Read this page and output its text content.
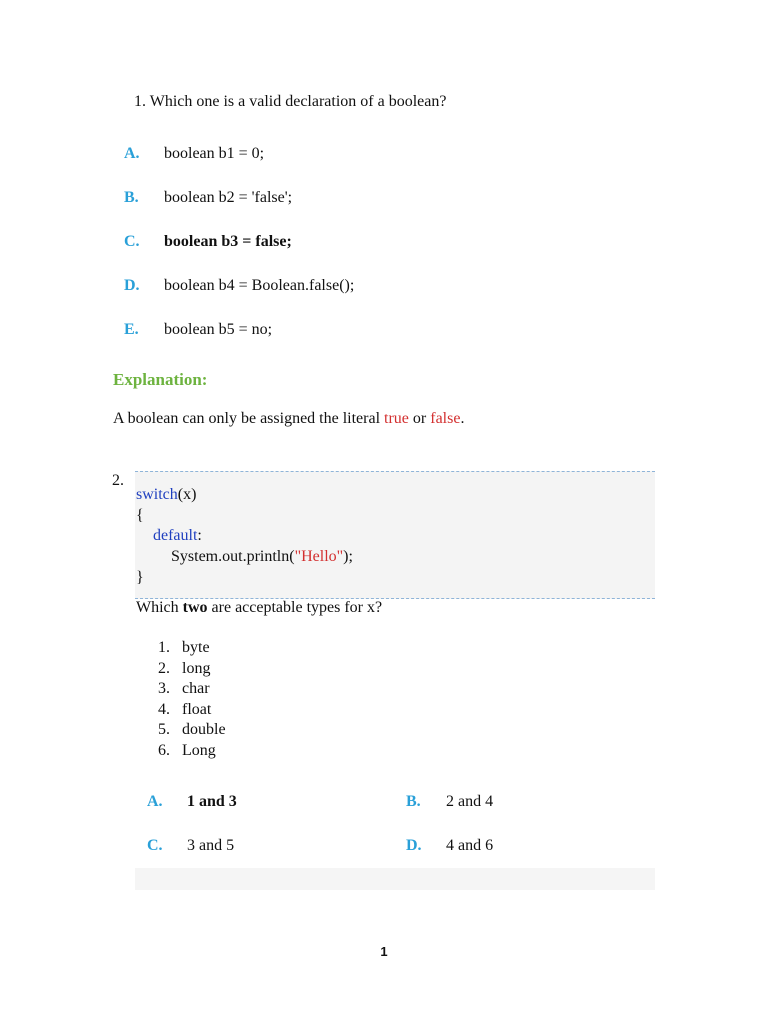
1. Which one is a valid declaration of a boolean?
A.	boolean b1 = 0;
B.	boolean b2 = 'false';
C.	boolean b3 = false;
D.	boolean b4 = Boolean.false();
E.	boolean b5 = no;
Explanation:
A boolean can only be assigned the literal true or false.
2.
switch(x)
{
default:
System.out.println("Hello");
}
Which two are acceptable types for x?
1. byte
2. long
3. char
4. float
5. double
6. Long
A. 1 and 3	B. 2 and 4
C. 3 and 5	D. 4 and 6
1
